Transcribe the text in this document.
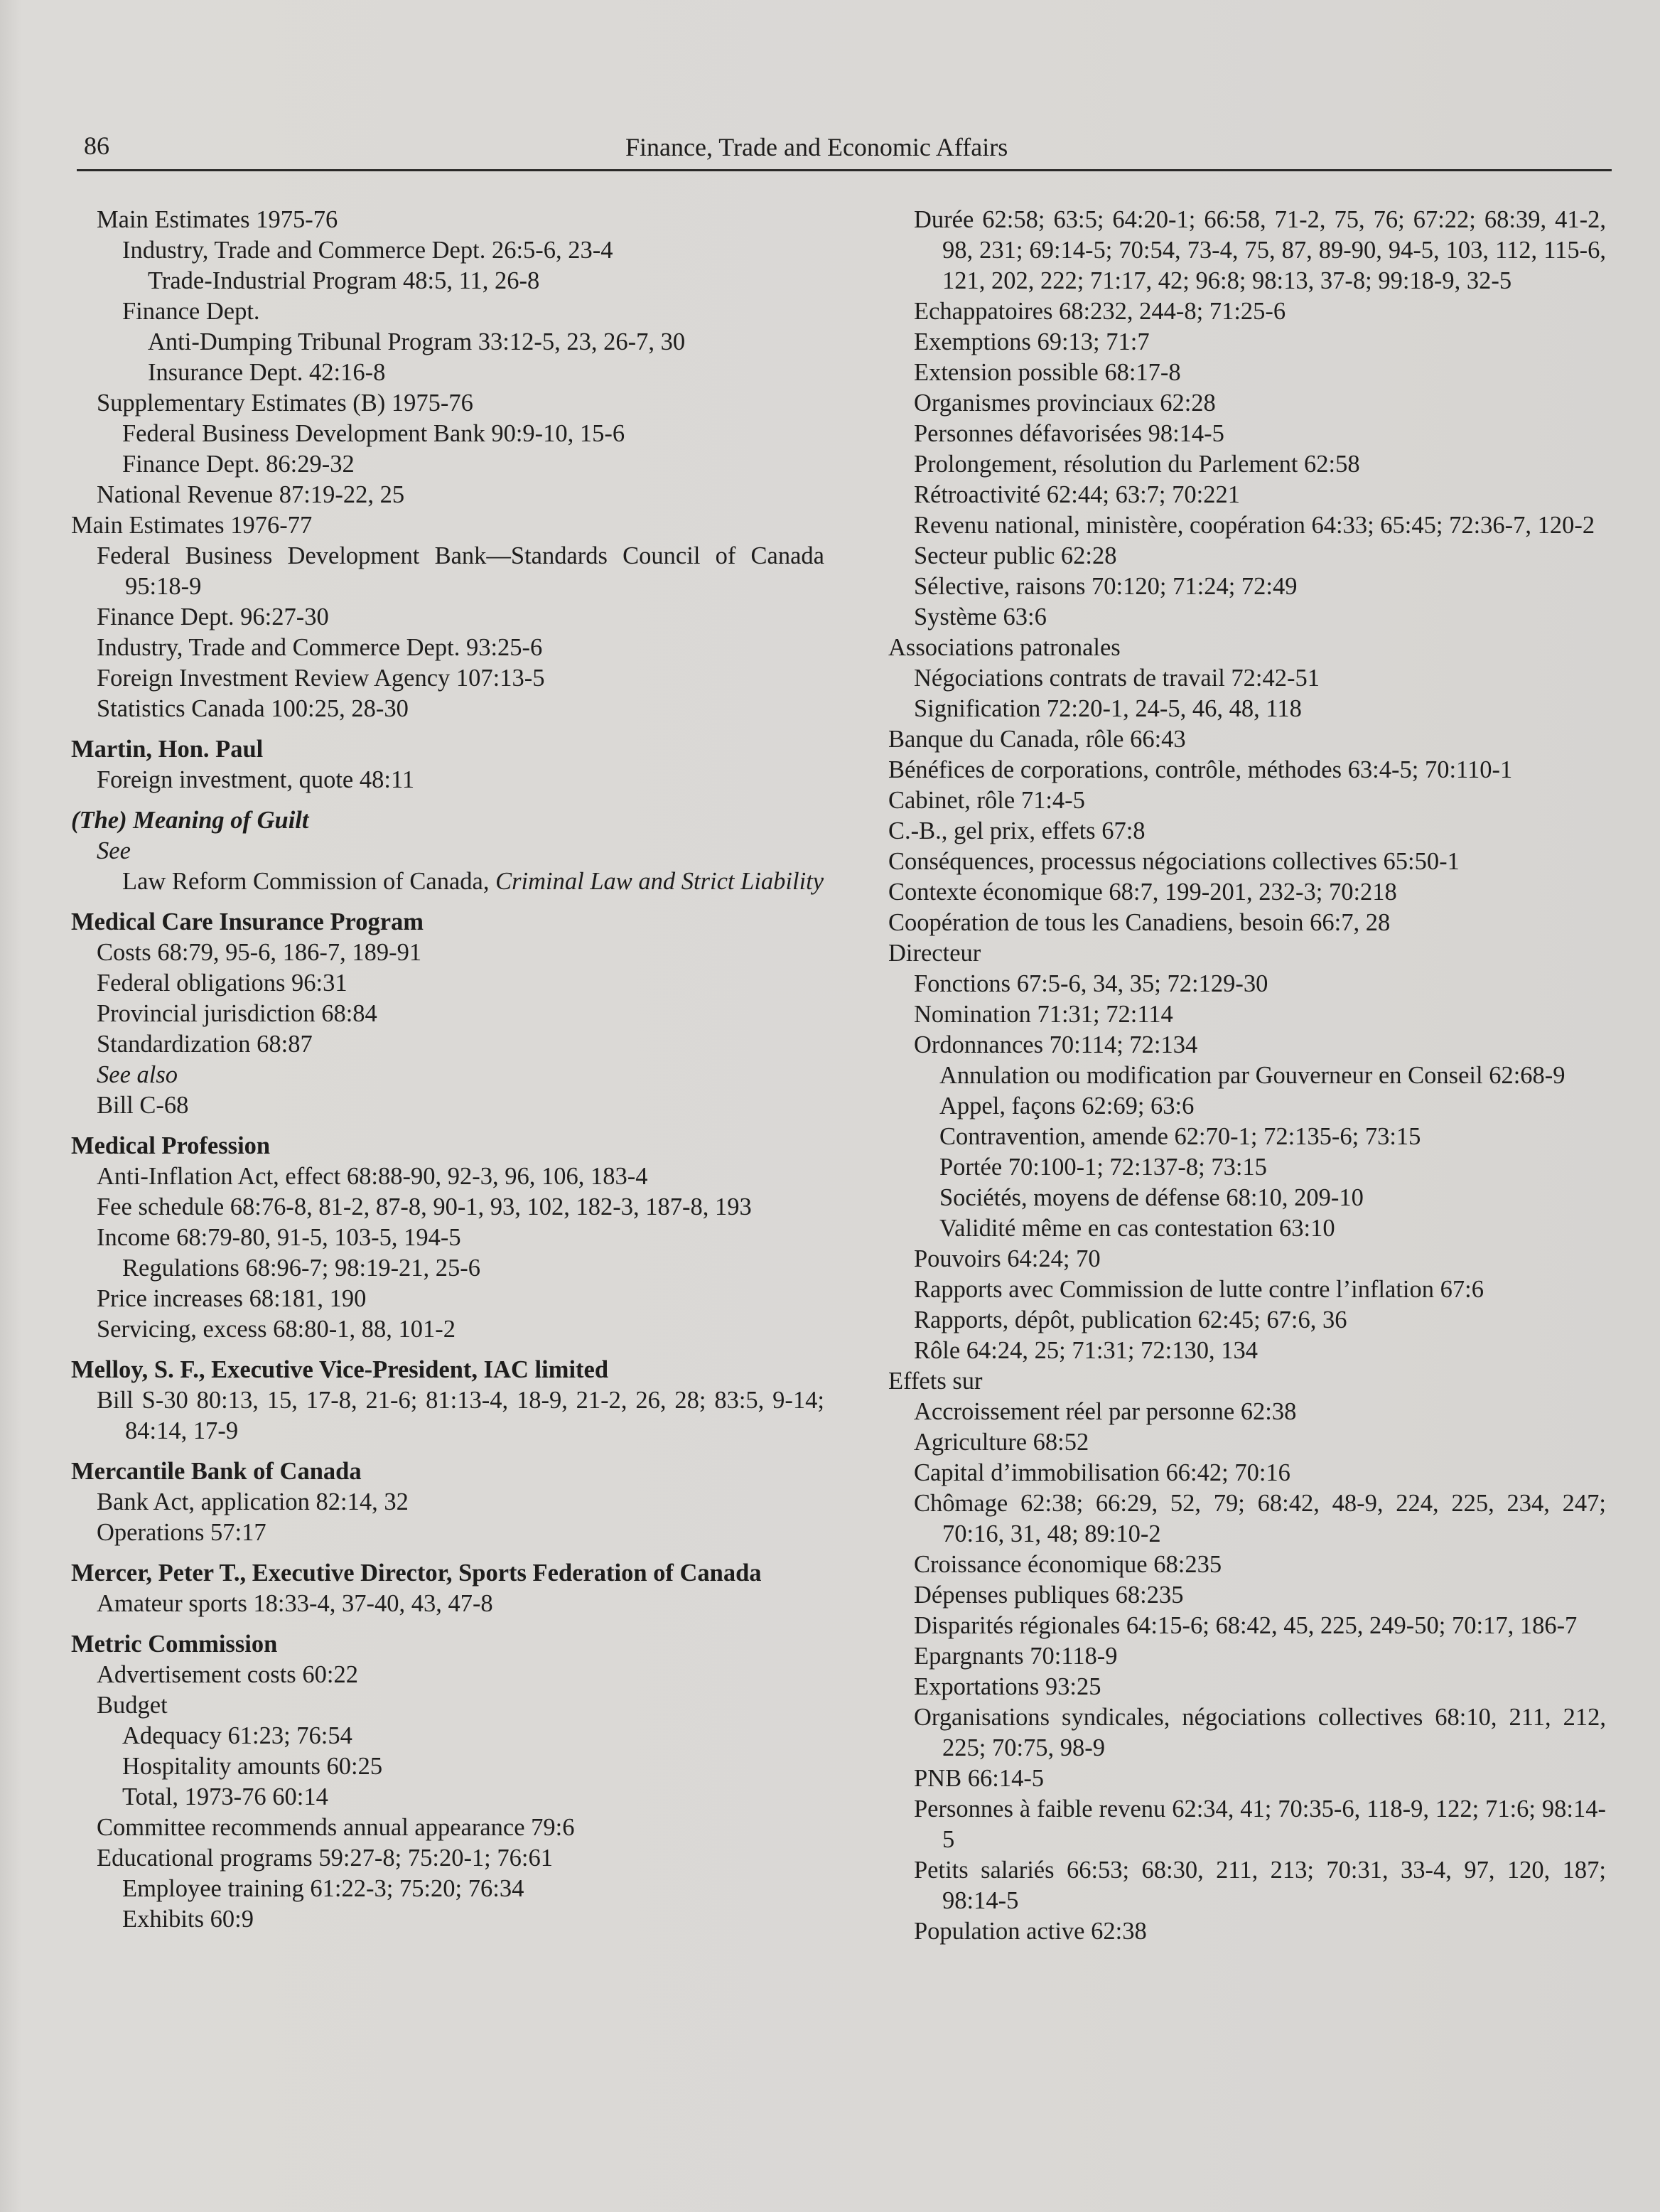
86	Finance, Trade and Economic Affairs

Main Estimates 1975-76

Industry, Trade and Commerce Dept. 26:5-6, 23-4

Trade-Industrial Program 48:5, 11, 26-8

Finance Dept.

Anti-Dumping Tribunal Program 33:12-5, 23, 26-7, 30

Insurance Dept. 42:16-8

Supplementary Estimates (B) 1975-76

Federal Business Development Bank 90:9-10, 15-6

Finance Dept. 86:29-32

National Revenue 87:19-22, 25

Main Estimates 1976-77

Federal Business Development Bank—Standards Council of Canada 95:18-9

Finance Dept. 96:27-30

Industry, Trade and Commerce Dept. 93:25-6

Foreign Investment Review Agency 107:13-5

Statistics Canada 100:25, 28-30

Martin, Hon. Paul

Foreign investment, quote 48:11

(The) Meaning of Guilt

See

Law Reform Commission of Canada, Criminal Law and Strict Liability

Medical Care Insurance Program

Costs 68:79, 95-6, 186-7, 189-91

Federal obligations 96:31

Provincial jurisdiction 68:84

Standardization 68:87

See also

Bill C-68

Medical Profession

Anti-Inflation Act, effect 68:88-90, 92-3, 96, 106, 183-4

Fee schedule 68:76-8, 81-2, 87-8, 90-1, 93, 102, 182-3, 187-8, 193

Income 68:79-80, 91-5, 103-5, 194-5

Regulations 68:96-7; 98:19-21, 25-6

Price increases 68:181, 190

Servicing, excess 68:80-1, 88, 101-2

Melloy, S. F., Executive Vice-President, IAC limited

Bill S-30 80:13, 15, 17-8, 21-6; 81:13-4, 18-9, 21-2, 26, 28; 83:5, 9-14; 84:14, 17-9

Mercantile Bank of Canada

Bank Act, application 82:14, 32

Operations 57:17

Mercer, Peter T., Executive Director, Sports Federation of Canada

Amateur sports 18:33-4, 37-40, 43, 47-8

Metric Commission

Advertisement costs 60:22

Budget

Adequacy 61:23; 76:54

Hospitality amounts 60:25

Total, 1973-76 60:14

Committee recommends annual appearance 79:6

Educational programs 59:27-8; 75:20-1; 76:61

Employee training 61:22-3; 75:20; 76:34

Exhibits 60:9

Durée 62:58; 63:5; 64:20-1; 66:58, 71-2, 75, 76; 67:22; 68:39, 41-2, 98, 231; 69:14-5; 70:54, 73-4, 75, 87, 89-90, 94-5, 103, 112, 115-6, 121, 202, 222; 71:17, 42; 96:8; 98:13, 37-8; 99:18-9, 32-5

Echappatoires 68:232, 244-8; 71:25-6

Exemptions 69:13; 71:7

Extension possible 68:17-8

Organismes provinciaux 62:28

Personnes défavorisées 98:14-5

Prolongement, résolution du Parlement 62:58

Rétroactivité 62:44; 63:7; 70:221

Revenu national, ministère, coopération 64:33; 65:45; 72:36-7, 120-2

Secteur public 62:28

Sélective, raisons 70:120; 71:24; 72:49

Système 63:6

Associations patronales

Négociations contrats de travail 72:42-51

Signification 72:20-1, 24-5, 46, 48, 118

Banque du Canada, rôle 66:43

Bénéfices de corporations, contrôle, méthodes 63:4-5; 70:110-1

Cabinet, rôle 71:4-5

C.-B., gel prix, effets 67:8

Conséquences, processus négociations collectives 65:50-1

Contexte économique 68:7, 199-201, 232-3; 70:218

Coopération de tous les Canadiens, besoin 66:7, 28

Directeur

Fonctions 67:5-6, 34, 35; 72:129-30

Nomination 71:31; 72:114

Ordonnances 70:114; 72:134

Annulation ou modification par Gouverneur en Conseil 62:68-9

Appel, façons 62:69; 63:6

Contravention, amende 62:70-1; 72:135-6; 73:15

Portée 70:100-1; 72:137-8; 73:15

Sociétés, moyens de défense 68:10, 209-10

Validité même en cas contestation 63:10

Pouvoirs 64:24; 70

Rapports avec Commission de lutte contre l’inflation 67:6

Rapports, dépôt, publication 62:45; 67:6, 36

Rôle 64:24, 25; 71:31; 72:130, 134

Effets sur

Accroissement réel par personne 62:38

Agriculture 68:52

Capital d’immobilisation 66:42; 70:16

Chômage 62:38; 66:29, 52, 79; 68:42, 48-9, 224, 225, 234, 247; 70:16, 31, 48; 89:10-2

Croissance économique 68:235

Dépenses publiques 68:235

Disparités régionales 64:15-6; 68:42, 45, 225, 249-50; 70:17, 186-7

Epargnants 70:118-9

Exportations 93:25

Organisations syndicales, négociations collectives 68:10, 211, 212, 225; 70:75, 98-9

PNB 66:14-5

Personnes à faible revenu 62:34, 41; 70:35-6, 118-9, 122; 71:6; 98:14-5

Petits salariés 66:53; 68:30, 211, 213; 70:31, 33-4, 97, 120, 187; 98:14-5

Population active 62:38
